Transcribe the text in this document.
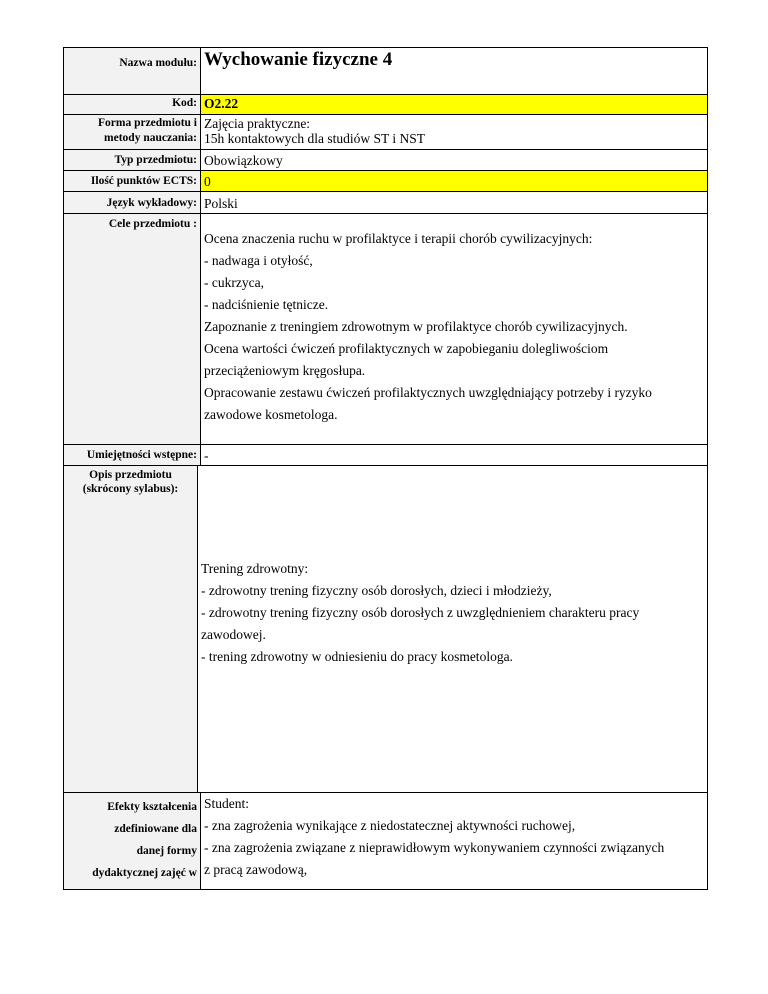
Nazwa modułu: Wychowanie fizyczne 4
Kod: O2.22
Forma przedmiotu i
metody nauczania:
Zajęcia praktyczne:
15h kontaktowych dla studiów ST i NST
Typ przedmiotu: Obowiązkowy
Ilość punktów ECTS: 0
Język wykładowy: Polski
Cele przedmiotu :
Ocena znaczenia ruchu w profilaktyce i terapii chorób cywilizacyjnych:
- nadwaga i otyłość,
- cukrzyca,
- nadciśnienie tętnicze.
Zapoznanie z treningiem zdrowotnym w profilaktyce chorób cywilizacyjnych.
Ocena wartości ćwiczeń profilaktycznych w zapobieganiu dolegliwościom
przeciążeniowym kręgosłupa.
Opracowanie zestawu ćwiczeń profilaktycznych uwzględniający potrzeby i ryzyko
zawodowe kosmetologa.
Umiejętności wstępne: -
Opis przedmiotu
(skrócony sylabus):
Trening zdrowotny:
- zdrowotny trening fizyczny osób dorosłych, dzieci i młodzieży,
- zdrowotny trening fizyczny osób dorosłych z uwzględnieniem charakteru pracy
zawodowej.
- trening zdrowotny w odniesieniu do pracy kosmetologa.
Efekty kształcenia
zdefiniowane dla
danej formy
dydaktycznej zajęć w
Student:
- zna zagrożenia wynikające z niedostatecznej aktywności ruchowej,
- zna zagrożenia związane z nieprawidłowym wykonywaniem czynności związanych
z pracą zawodową,
